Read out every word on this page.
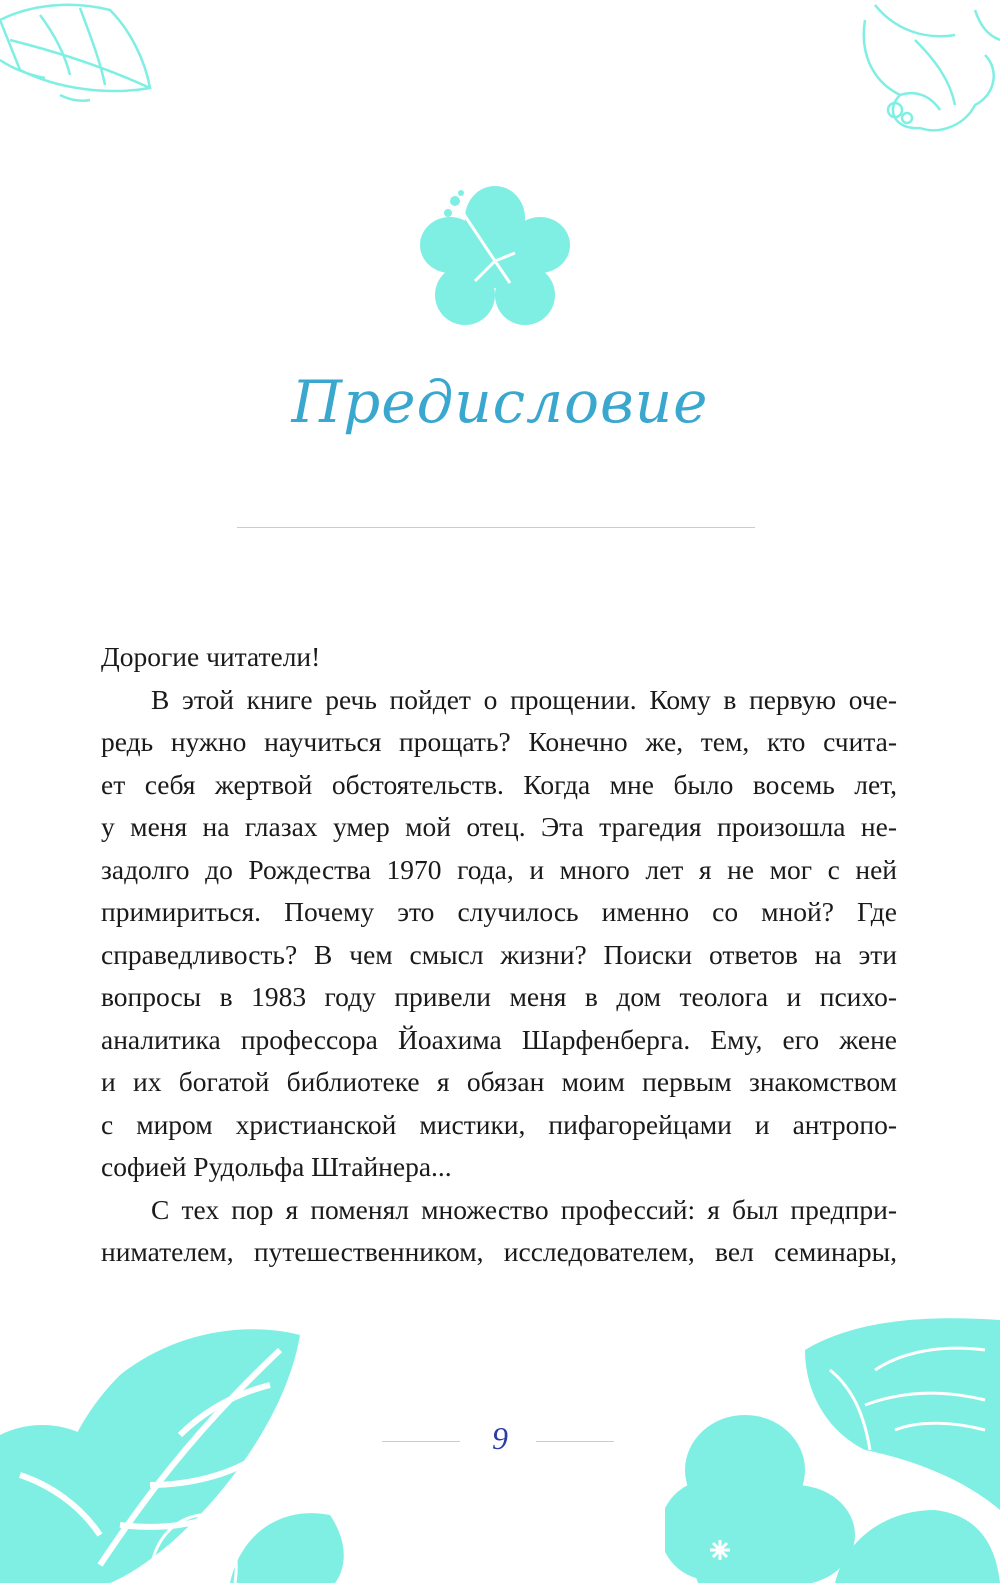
Предисловие

Дорогие читатели!

В этой книге речь пойдет о прощении. Кому в первую оче-
редь нужно научиться прощать? Конечно же, тем, кто счита-
ет себя жертвой обстоятельств. Когда мне было восемь лет,
у меня на глазах умер мой отец. Эта трагедия произошла не-
задолго до Рождества 1970 года, и много лет я не мог с ней
примириться. Почему это случилось именно со мной? Где
справедливость? В чем смысл жизни? Поиски ответов на эти
вопросы в 1983 году привели меня в дом теолога и психо-
аналитика профессора Йоахима Шарфенберга. Ему, его жене
и их богатой библиотеке я обязан моим первым знакомством
с миром христианской мистики, пифагорейцами и антропо-
софией Рудольфа Штайнера...

С тех пор я поменял множество профессий: я был предпри-
нимателем, путешественником, исследователем, вел семинары,

9
